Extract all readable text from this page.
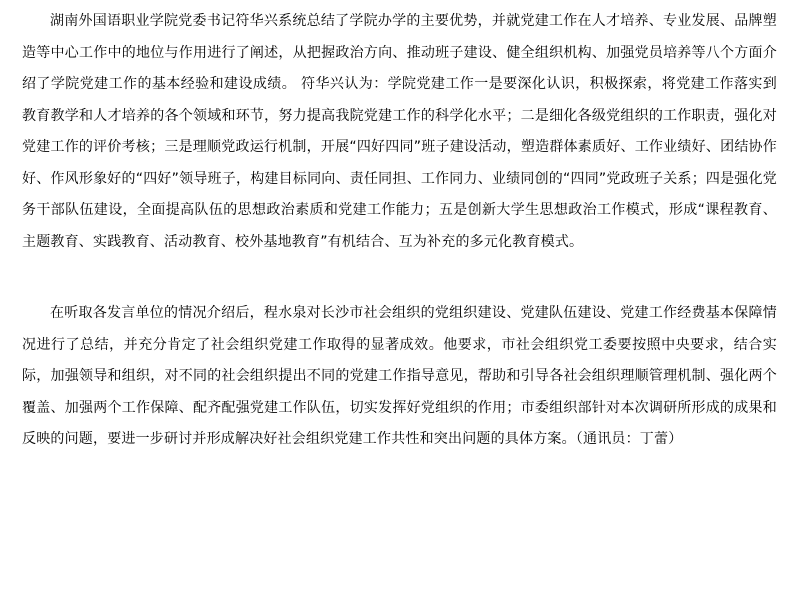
湖南外国语职业学院党委书记符华兴系统总结了学院办学的主要优势，并就党建工作在人才培养、专业发展、品牌塑造等中心工作中的地位与作用进行了阐述，从把握政治方向、推动班子建设、健全组织机构、加强党员培养等八个方面介绍了学院党建工作的基本经验和建设成绩。 符华兴认为：学院党建工作一是要深化认识，积极探索，将党建工作落实到教育教学和人才培养的各个领域和环节，努力提高我院党建工作的科学化水平；二是细化各级党组织的工作职责，强化对党建工作的评价考核；三是理顺党政运行机制，开展“四好四同”班子建设活动，塑造群体素质好、工作业绩好、团结协作好、作风形象好的“四好”领导班子，构建目标同向、责任同担、工作同力、业绩同创的“四同”党政班子关系；四是强化党务干部队伍建设，全面提高队伍的思想政治素质和党建工作能力；五是创新大学生思想政治工作模式，形成“课程教育、主题教育、实践教育、活动教育、校外基地教育”有机结合、互为补充的多元化教育模式。

在听取各发言单位的情况介绍后，程水泉对长沙市社会组织的党组织建设、党建队伍建设、党建工作经费基本保障情况进行了总结，并充分肯定了社会组织党建工作取得的显著成效。他要求，市社会组织党工委要按照中央要求，结合实际，加强领导和组织，对不同的社会组织提出不同的党建工作指导意见，帮助和引导各社会组织理顺管理机制、强化两个覆盖、加强两个工作保障、配齐配强党建工作队伍，切实发挥好党组织的作用；市委组织部针对本次调研所形成的成果和反映的问题，要进一步研讨并形成解决好社会组织党建工作共性和突出问题的具体方案。（通讯员：丁蕾）
